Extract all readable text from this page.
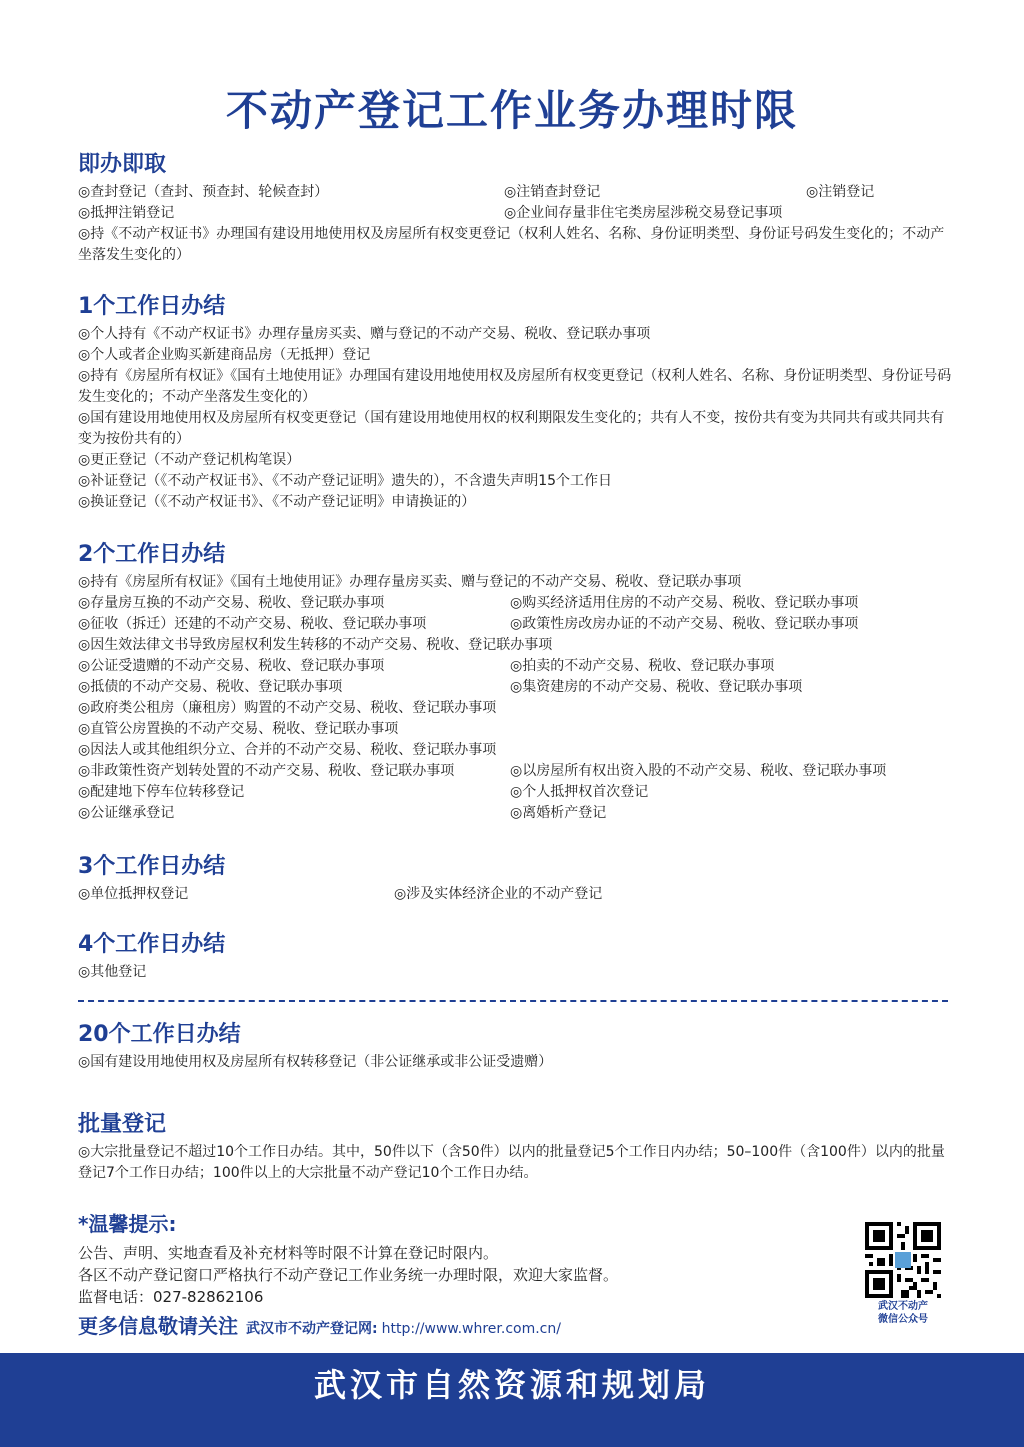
不动产登记工作业务办理时限
即办即取
◎查封登记（查封、预查封、轮候查封）	◎注销查封登记	◎注销登记
◎抵押注销登记	◎企业间存量非住宅类房屋涉税交易登记事项
◎持《不动产权证书》办理国有建设用地使用权及房屋所有权变更登记（权利人姓名、名称、身份证明类型、身份证号码发生变化的；不动产坐落发生变化的）
1个工作日办结
◎个人持有《不动产权证书》办理存量房买卖、赠与登记的不动产交易、税收、登记联办事项
◎个人或者企业购买新建商品房（无抵押）登记
◎持有《房屋所有权证》《国有土地使用证》办理国有建设用地使用权及房屋所有权变更登记（权利人姓名、名称、身份证明类型、身份证号码发生变化的；不动产坐落发生变化的）
◎国有建设用地使用权及房屋所有权变更登记（国有建设用地使用权的权利期限发生变化的；共有人不变，按份共有变为共同共有或共同共有变为按份共有的）
◎更正登记（不动产登记机构笔误）
◎补证登记（《不动产权证书》、《不动产登记证明》遗失的），不含遗失声明15个工作日
◎换证登记（《不动产权证书》、《不动产登记证明》申请换证的）
2个工作日办结
◎持有《房屋所有权证》《国有土地使用证》办理存量房买卖、赠与登记的不动产交易、税收、登记联办事项
◎存量房互换的不动产交易、税收、登记联办事项	◎购买经济适用住房的不动产交易、税收、登记联办事项
◎征收（拆迁）还建的不动产交易、税收、登记联办事项	◎政策性房改房办证的不动产交易、税收、登记联办事项
◎因生效法律文书导致房屋权利发生转移的不动产交易、税收、登记联办事项
◎公证受遗赠的不动产交易、税收、登记联办事项	◎拍卖的不动产交易、税收、登记联办事项
◎抵债的不动产交易、税收、登记联办事项	◎集资建房的不动产交易、税收、登记联办事项
◎政府类公租房（廉租房）购置的不动产交易、税收、登记联办事项
◎直管公房置换的不动产交易、税收、登记联办事项
◎因法人或其他组织分立、合并的不动产交易、税收、登记联办事项
◎非政策性资产划转处置的不动产交易、税收、登记联办事项	◎以房屋所有权出资入股的不动产交易、税收、登记联办事项
◎配建地下停车位转移登记	◎个人抵押权首次登记
◎公证继承登记	◎离婚析产登记
3个工作日办结
◎单位抵押权登记	◎涉及实体经济企业的不动产登记
4个工作日办结
◎其他登记
20个工作日办结
◎国有建设用地使用权及房屋所有权转移登记（非公证继承或非公证受遗赠）
批量登记
◎大宗批量登记不超过10个工作日办结。其中，50件以下（含50件）以内的批量登记5个工作日内办结；50–100件（含100件）以内的批量登记7个工作日办结；100件以上的大宗批量不动产登记10个工作日办结。
*温馨提示:
公告、声明、实地查看及补充材料等时限不计算在登记时限内。
各区不动产登记窗口严格执行不动产登记工作业务统一办理时限，欢迎大家监督。
监督电话：027-82862106
更多信息敬请关注 武汉市不动产登记网: http://www.whrer.com.cn/
武汉不动产
微信公众号
武汉市自然资源和规划局
